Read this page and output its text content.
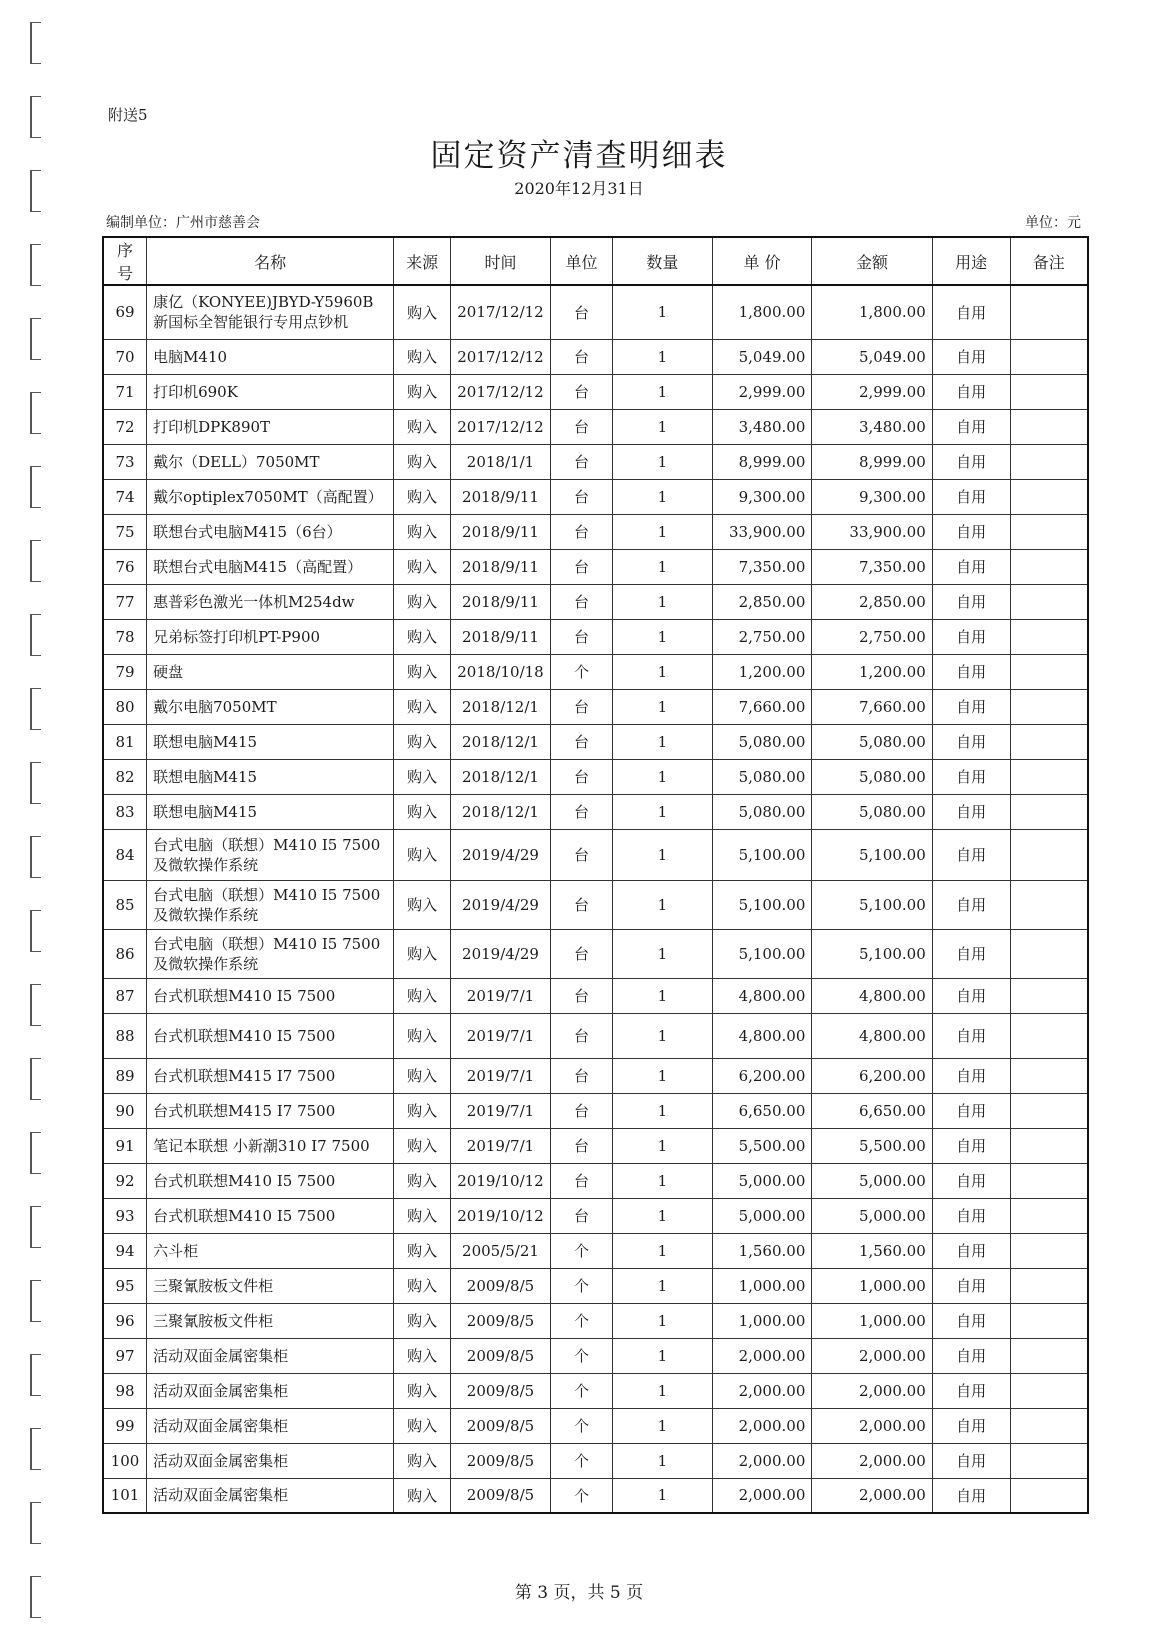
附送5
固定资产清查明细表
2020年12月31日
编制单位：广州市慈善会	单位：元
序号	名称	来源	时间	单位	数量	单 价	金额	用途	备注
69	康亿（KONYEE)JBYD-Y5960B新国标全智能银行专用点钞机	购入	2017/12/12	台	1	1,800.00	1,800.00	自用	
70	电脑M410	购入	2017/12/12	台	1	5,049.00	5,049.00	自用	
71	打印机690K	购入	2017/12/12	台	1	2,999.00	2,999.00	自用	
72	打印机DPK890T	购入	2017/12/12	台	1	3,480.00	3,480.00	自用	
73	戴尔（DELL）7050MT	购入	2018/1/1	台	1	8,999.00	8,999.00	自用	
74	戴尔optiplex7050MT（高配置）	购入	2018/9/11	台	1	9,300.00	9,300.00	自用	
75	联想台式电脑M415（6台）	购入	2018/9/11	台	1	33,900.00	33,900.00	自用	
76	联想台式电脑M415（高配置）	购入	2018/9/11	台	1	7,350.00	7,350.00	自用	
77	惠普彩色激光一体机M254dw	购入	2018/9/11	台	1	2,850.00	2,850.00	自用	
78	兄弟标签打印机PT-P900	购入	2018/9/11	台	1	2,750.00	2,750.00	自用	
79	硬盘	购入	2018/10/18	个	1	1,200.00	1,200.00	自用	
80	戴尔电脑7050MT	购入	2018/12/1	台	1	7,660.00	7,660.00	自用	
81	联想电脑M415	购入	2018/12/1	台	1	5,080.00	5,080.00	自用	
82	联想电脑M415	购入	2018/12/1	台	1	5,080.00	5,080.00	自用	
83	联想电脑M415	购入	2018/12/1	台	1	5,080.00	5,080.00	自用	
84	台式电脑（联想）M410 I5 7500及微软操作系统	购入	2019/4/29	台	1	5,100.00	5,100.00	自用	
85	台式电脑（联想）M410 I5 7500及微软操作系统	购入	2019/4/29	台	1	5,100.00	5,100.00	自用	
86	台式电脑（联想）M410 I5 7500及微软操作系统	购入	2019/4/29	台	1	5,100.00	5,100.00	自用	
87	台式机联想M410 I5 7500	购入	2019/7/1	台	1	4,800.00	4,800.00	自用	
88	台式机联想M410 I5 7500	购入	2019/7/1	台	1	4,800.00	4,800.00	自用	
89	台式机联想M415 I7 7500	购入	2019/7/1	台	1	6,200.00	6,200.00	自用	
90	台式机联想M415 I7 7500	购入	2019/7/1	台	1	6,650.00	6,650.00	自用	
91	笔记本联想 小新潮310 I7 7500	购入	2019/7/1	台	1	5,500.00	5,500.00	自用	
92	台式机联想M410 I5 7500	购入	2019/10/12	台	1	5,000.00	5,000.00	自用	
93	台式机联想M410 I5 7500	购入	2019/10/12	台	1	5,000.00	5,000.00	自用	
94	六斗柜	购入	2005/5/21	个	1	1,560.00	1,560.00	自用	
95	三聚氰胺板文件柜	购入	2009/8/5	个	1	1,000.00	1,000.00	自用	
96	三聚氰胺板文件柜	购入	2009/8/5	个	1	1,000.00	1,000.00	自用	
97	活动双面金属密集柜	购入	2009/8/5	个	1	2,000.00	2,000.00	自用	
98	活动双面金属密集柜	购入	2009/8/5	个	1	2,000.00	2,000.00	自用	
99	活动双面金属密集柜	购入	2009/8/5	个	1	2,000.00	2,000.00	自用	
100	活动双面金属密集柜	购入	2009/8/5	个	1	2,000.00	2,000.00	自用	
101	活动双面金属密集柜	购入	2009/8/5	个	1	2,000.00	2,000.00	自用	
第 3 页，共 5 页
